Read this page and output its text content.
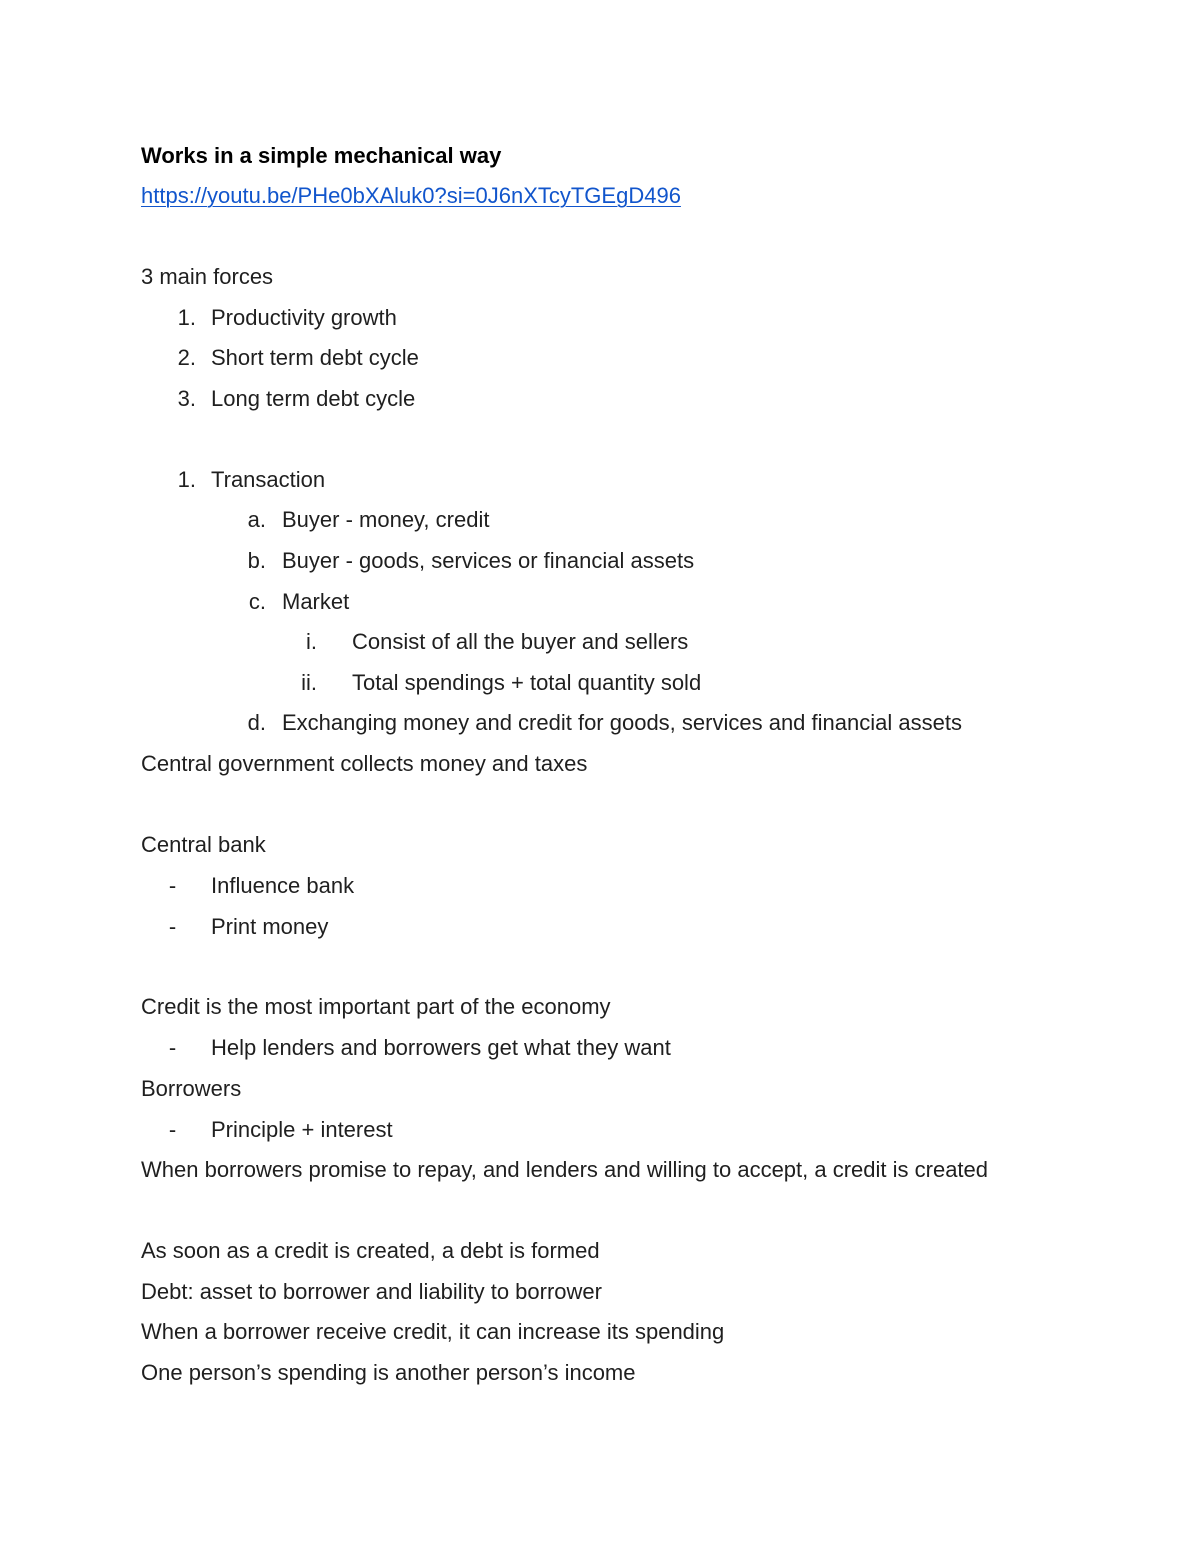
Works in a simple mechanical way
https://youtu.be/PHe0bXAluk0?si=0J6nXTcyTGEgD496
3 main forces
1. Productivity growth
2. Short term debt cycle
3. Long term debt cycle
1. Transaction
a. Buyer - money, credit
b. Buyer - goods, services or financial assets
c. Market
i. Consist of all the buyer and sellers
ii. Total spendings + total quantity sold
d. Exchanging money and credit for goods, services and financial assets
Central government collects money and taxes
Central bank
-	Influence bank
-	Print money
Credit is the most important part of the economy
-	Help lenders and borrowers get what they want
Borrowers
-	Principle + interest
When borrowers promise to repay, and lenders and willing to accept, a credit is created
As soon as a credit is created, a debt is formed
Debt: asset to borrower and liability to borrower
When a borrower receive credit, it can increase its spending
One person’s spending is another person’s income
